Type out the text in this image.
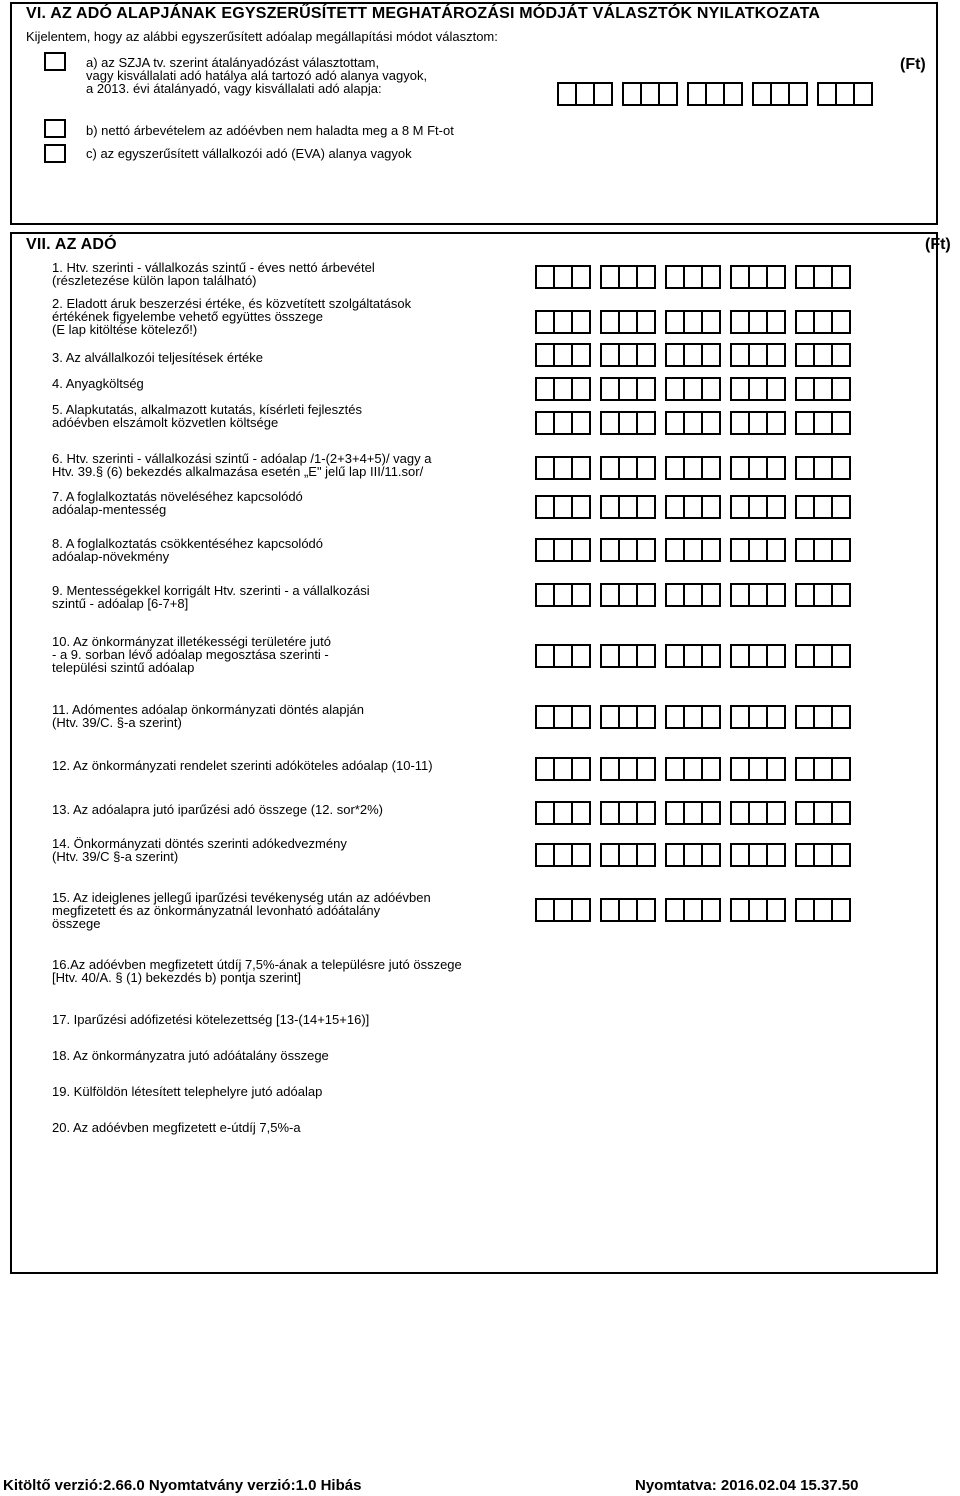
VI. AZ ADÓ ALAPJÁNAK EGYSZERŰSÍTETT MEGHATÁROZÁSI MÓDJÁT VÁLASZTÓK NYILATKOZATA
Kijelentem, hogy az alábbi egyszerűsített adóalap megállapítási módot választom:
a) az SZJA tv. szerint átalányadózást választottam,
vagy kisvállalati adó hatálya alá tartozó adó alanya vagyok,
a 2013. évi átalányadó, vagy kisvállalati adó alapja:
(Ft)
b) nettó árbevételem az adóévben nem haladta meg a 8 M Ft-ot
c) az egyszerűsített vállalkozói adó (EVA) alanya vagyok
VII. AZ ADÓ	(Ft)
1. Htv. szerinti - vállalkozás szintű - éves nettó árbevétel
(részletezése külön lapon található)
2. Eladott áruk beszerzési értéke, és közvetített szolgáltatások
értékének figyelembe vehető együttes összege
(E lap kitöltése kötelező!)
3. Az alvállalkozói teljesítések értéke
4. Anyagköltség
5. Alapkutatás, alkalmazott kutatás, kísérleti fejlesztés
adóévben elszámolt közvetlen költsége
6. Htv. szerinti - vállalkozási szintű - adóalap /1-(2+3+4+5)/ vagy a
Htv. 39.§ (6) bekezdés alkalmazása esetén „E" jelű lap III/11.sor/
7. A foglalkoztatás növeléséhez kapcsolódó
adóalap-mentesség
8. A foglalkoztatás csökkentéséhez kapcsolódó
adóalap-növekmény
9. Mentességekkel korrigált Htv. szerinti - a vállalkozási
szintű - adóalap [6-7+8]
10. Az önkormányzat illetékességi területére jutó
- a 9. sorban lévő adóalap megosztása szerinti -
települési szintű adóalap
11. Adómentes adóalap önkormányzati döntés alapján
(Htv. 39/C. §-a szerint)
12. Az önkormányzati rendelet szerinti adóköteles adóalap (10-11)
13. Az adóalapra jutó iparűzési adó összege (12. sor*2%)
14. Önkormányzati döntés szerinti adókedvezmény
(Htv. 39/C §-a szerint)
15. Az ideiglenes jellegű iparűzési tevékenység után az adóévben
megfizetett és az önkormányzatnál levonható adóátalány
összege
16.Az adóévben megfizetett útdíj 7,5%-ának a településre jutó összege
[Htv. 40/A. § (1) bekezdés b) pontja szerint]
17. Iparűzési adófizetési kötelezettség [13-(14+15+16)]
18. Az önkormányzatra jutó adóátalány összege
19. Külföldön létesített telephelyre jutó adóalap
20. Az adóévben megfizetett e-útdíj 7,5%-a
Kitöltő verzió:2.66.0 Nyomtatvány verzió:1.0 Hibás	Nyomtatva: 2016.02.04 15.37.50
